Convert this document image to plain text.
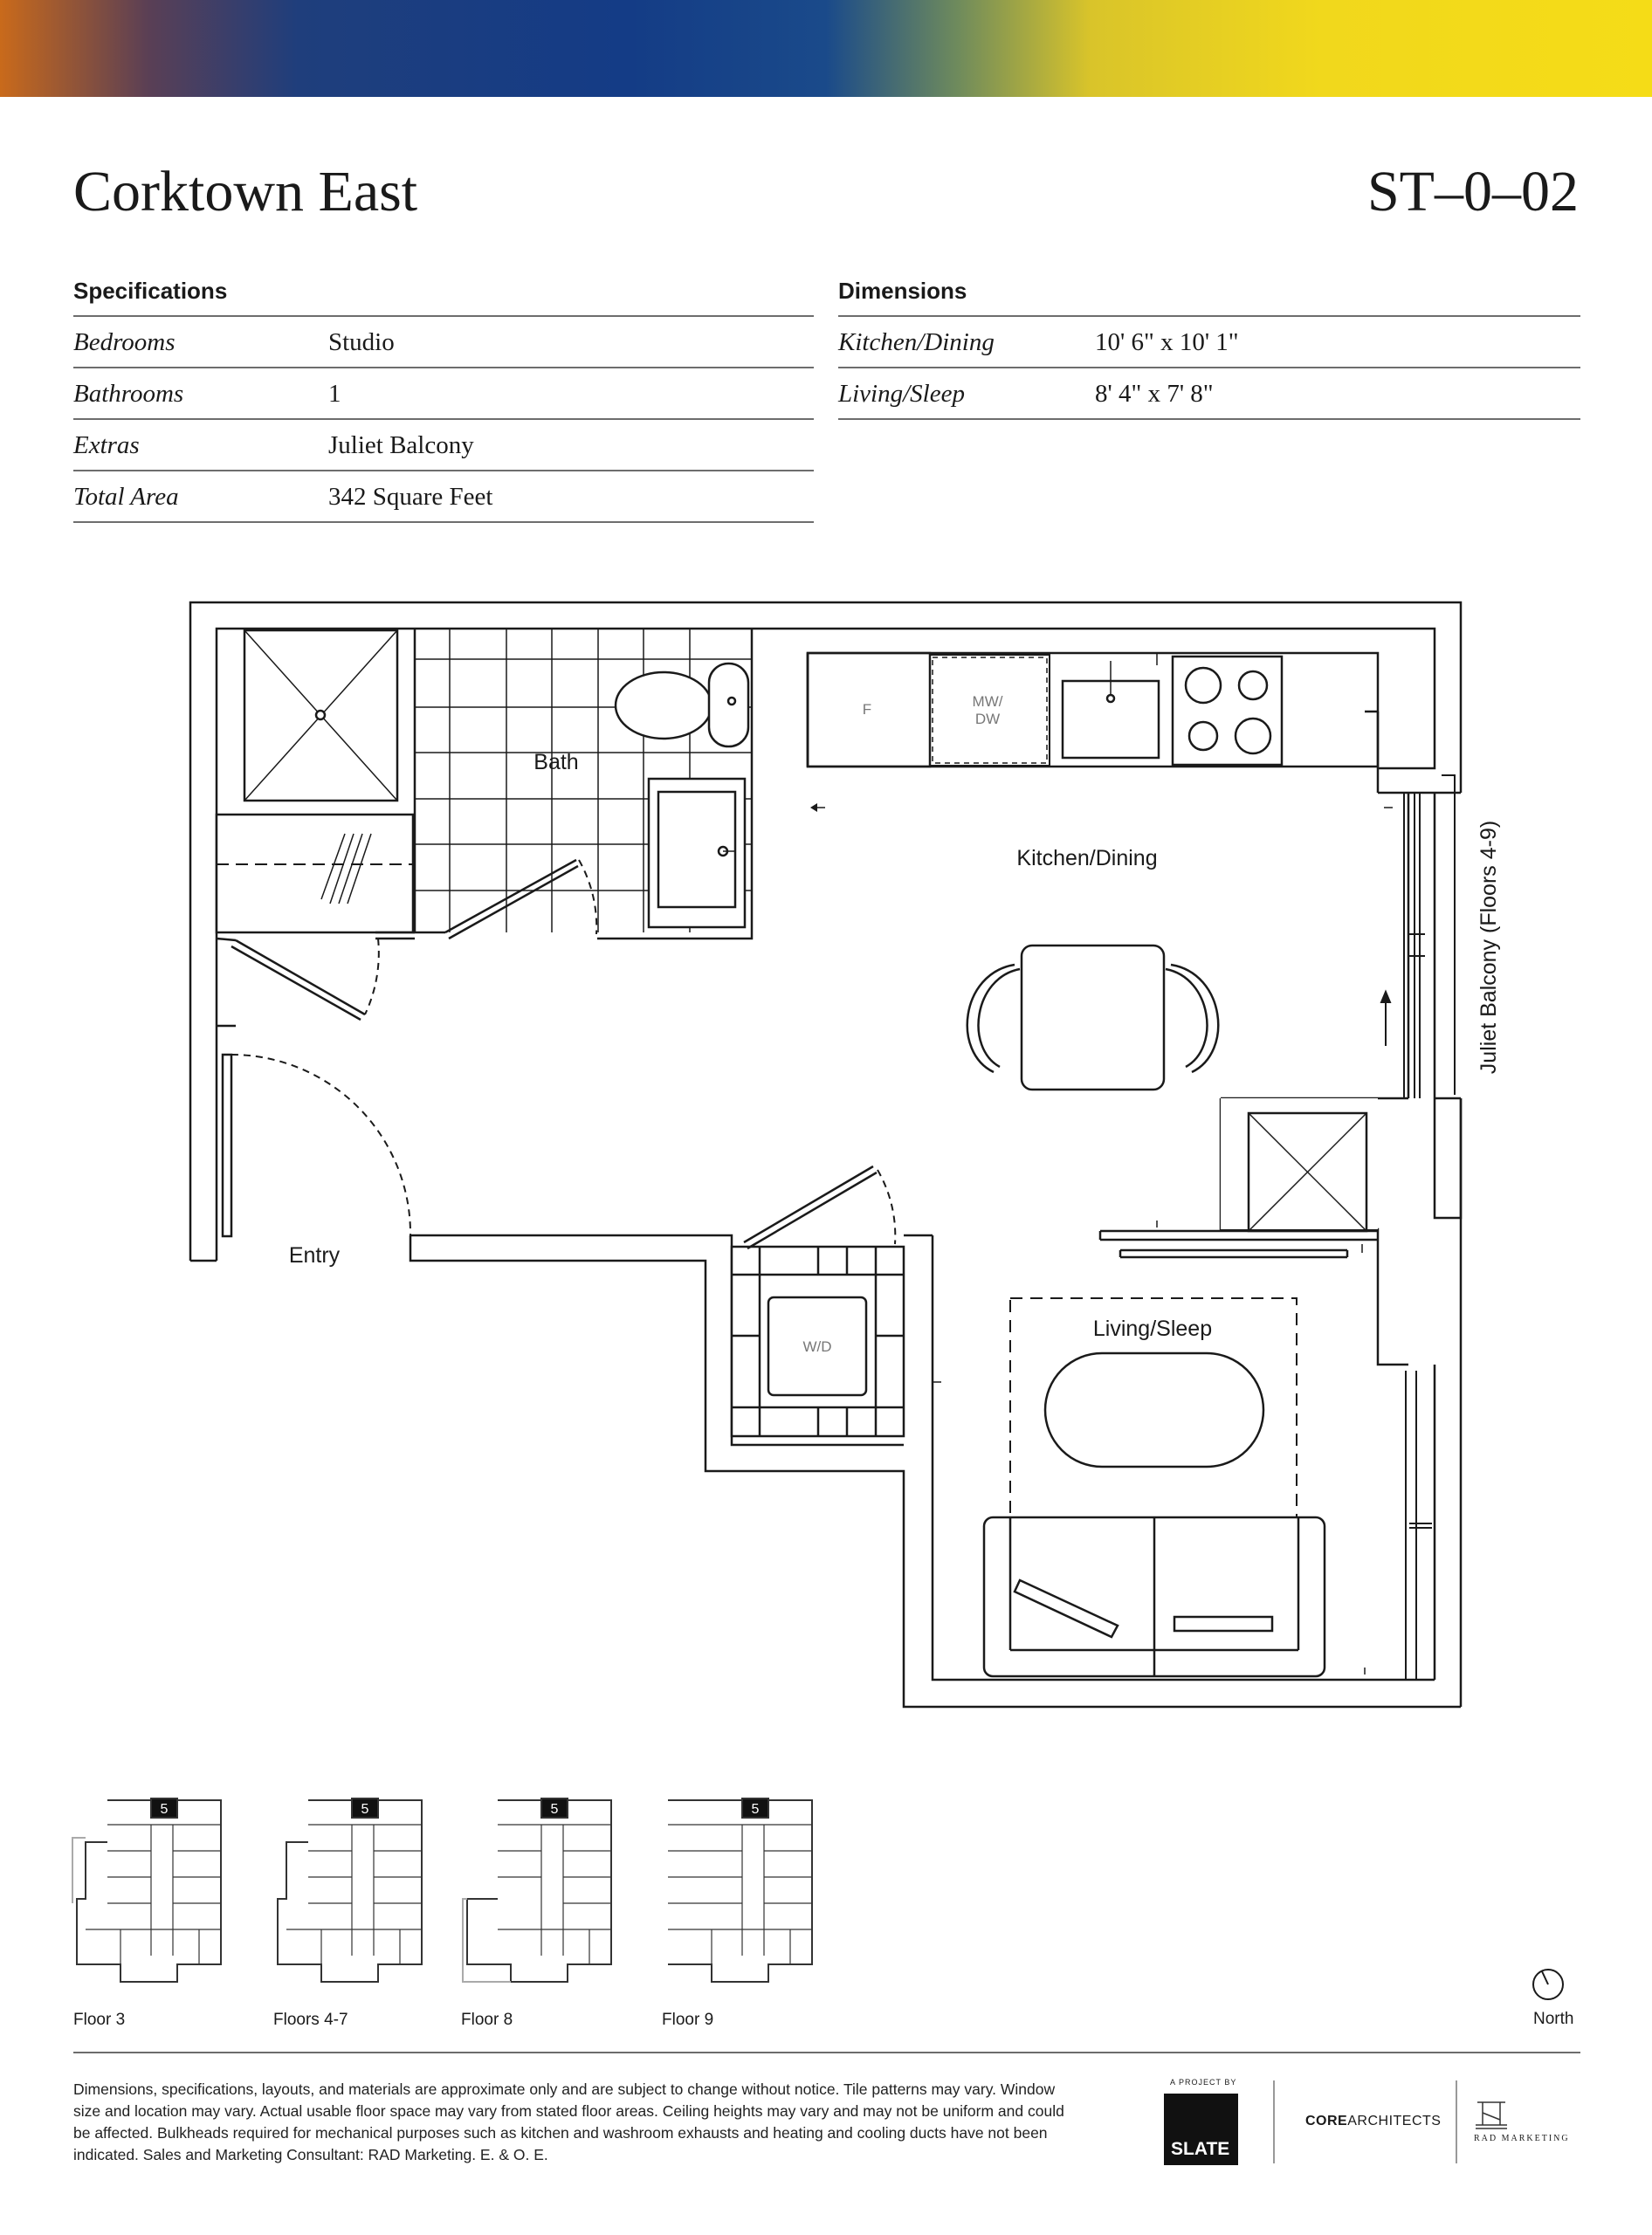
Corktown East	ST–0–02
Specifications
Bedrooms	Studio
Bathrooms	1
Extras	Juliet Balcony
Total Area	342 Square Feet
Dimensions
Kitchen/Dining	10' 6" x 10' 1"
Living/Sleep	8' 4" x 7' 8"
Bath
Kitchen/Dining
Living/Sleep
Entry
F	MW/
DW
W/D
Juliet Balcony (Floors 4-9)
5	5	5	5
Floor 3	Floors 4-7	Floor 8	Floor 9	North
Dimensions, specifications, layouts, and materials are approximate only and are subject to change without notice. Tile patterns may vary. Window size and location may vary. Actual usable floor space may vary from stated floor areas. Ceiling heights may vary and may not be uniform and could be affected. Bulkheads required for mechanical purposes such as kitchen and washroom exhausts and heating and cooling ducts have not been indicated. Sales and Marketing Consultant: RAD Marketing. E. & O. E.
A PROJECT BY
SLATE
COREARCHITECTS
RAD MARKETING
